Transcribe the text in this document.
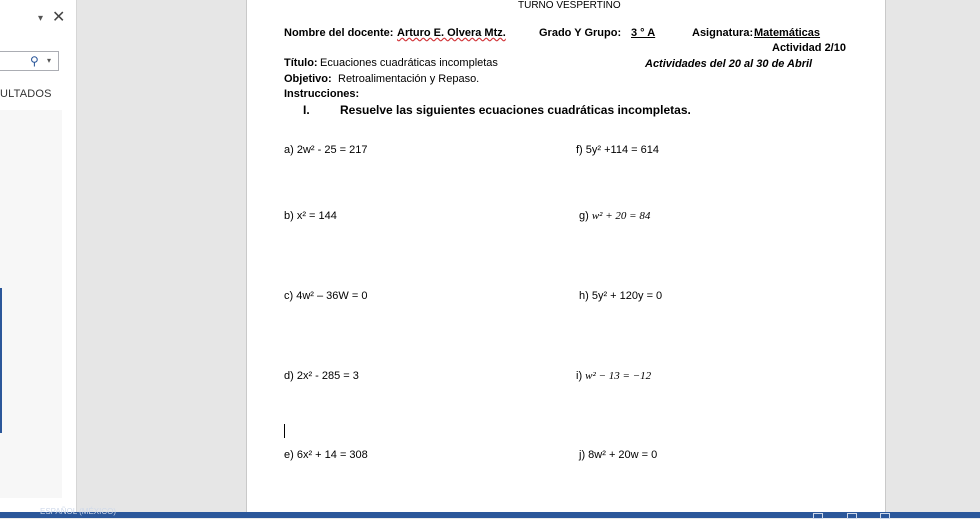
▾ ✕
⚲ ▾
ULTADOS
TURNO VESPERTINO
Nombre del docente: Arturo E. Olvera Mtz.	Grado Y Grupo: 3 ° A	Asignatura: Matemáticas
Actividad 2/10
Título: Ecuaciones cuadráticas incompletas	Actividades del 20 al 30 de Abril
Objetivo: Retroalimentación y Repaso.
Instrucciones:
I.	Resuelve las siguientes ecuaciones cuadráticas incompletas.
a) 2w² - 25 = 217	f) 5y² +114 = 614
b) x² = 144	g) w² + 20 = 84
c) 4w² – 36W = 0	h) 5y² + 120y = 0
d) 2x² - 285 = 3	i) w² − 13 = −12
e) 6x² + 14 = 308	j) 8w² + 20w = 0
ESPAÑOL (MÉXICO)
